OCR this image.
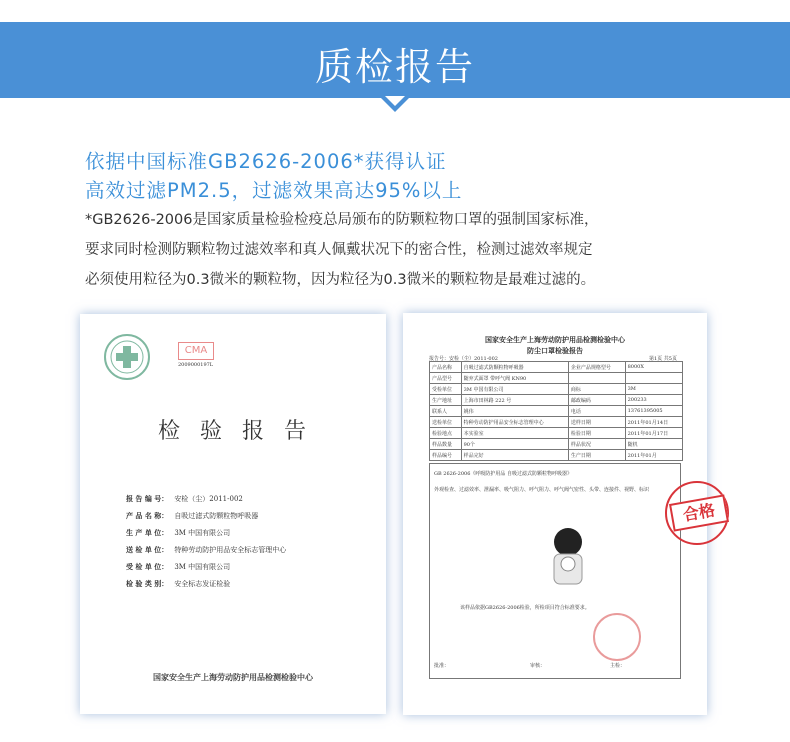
质检报告
依据中国标准GB2626-2006*获得认证
高效过滤PM2.5，过滤效果高达95%以上
*GB2626-2006是国家质量检验检疫总局颁布的防颗粒物口罩的强制国家标准，
要求同时检测防颗粒物过滤效率和真人佩戴状况下的密合性，检测过滤效率规定
必须使用粒径为0.3微米的颗粒物，因为粒径为0.3微米的颗粒物是最难过滤的。
CMA
2009000197L
检  验  报  告
报 告 编 号： 安检（尘）2011-002
产 品 名 称： 自吸过滤式防颗粒物呼吸器
生 产 单 位： 3M 中国有限公司
送 检 单 位： 特种劳动防护用品安全标志管理中心
受 检 单 位： 3M 中国有限公司
检 验 类 别： 安全标志发证检验
国家安全生产上海劳动防护用品检测检验中心
国家安全生产上海劳动防护用品检测检验中心
防尘口罩检验报告
报告号：安检（尘）2011-002	第1页 共5页
产品名称	自吸过滤式防颗粒物呼吸器	企业产品规格型号	8000X
产品型号	随弃式面罩 带呼气阀 KN90		
受检单位	3M 中国有限公司	商标	3M
生产地址	上海市田林路 222 号	邮政编码	200233
联系人	姚伟	电话	13761395005
送检单位	特种劳动防护用品安全标志管理中心	送样日期	2011年01月14日
检验地点	本实验室	检验日期	2011年01月17日
样品数量	90个	样品状况	随机
样品编号	样品完好	生产日期	2011年01月
GB 2626-2006《呼吸防护用品 自吸过滤式防颗粒物呼吸器》
外观检查、过滤效率、泄漏率、吸气阻力、呼气阻力、呼气阀气密性、头带、连接件、视野、标识
该样品依据GB2626-2006检验，所检项目符合标准要求。
批准：	审核：	主检：
合格
